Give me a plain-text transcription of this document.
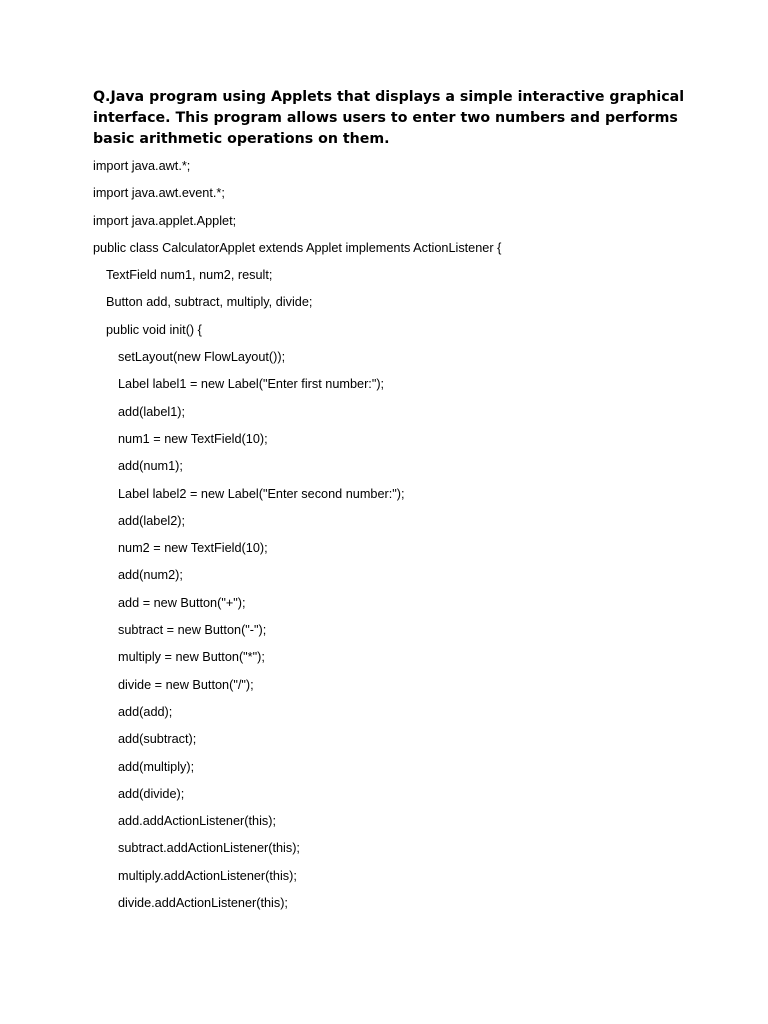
Q.Java program using Applets that displays a simple interactive graphical interface. This program allows users to enter two numbers and performs basic arithmetic operations on them.

import java.awt.*;
import java.awt.event.*;
import java.applet.Applet;
public class CalculatorApplet extends Applet implements ActionListener {
TextField num1, num2, result;
Button add, subtract, multiply, divide;
public void init() {
setLayout(new FlowLayout());
Label label1 = new Label("Enter first number:");
add(label1);
num1 = new TextField(10);
add(num1);
Label label2 = new Label("Enter second number:");
add(label2);
num2 = new TextField(10);
add(num2);
add = new Button("+");
subtract = new Button("-");
multiply = new Button("*");
divide = new Button("/");
add(add);
add(subtract);
add(multiply);
add(divide);
add.addActionListener(this);
subtract.addActionListener(this);
multiply.addActionListener(this);
divide.addActionListener(this);
